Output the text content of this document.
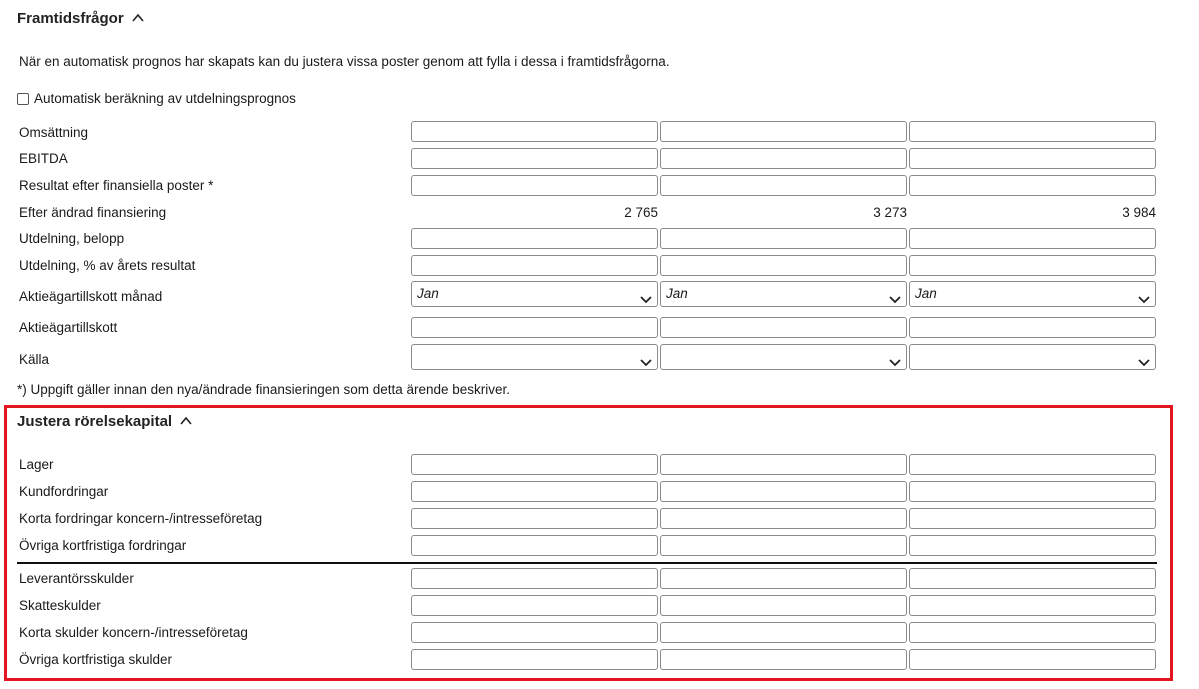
Framtidsfrågor
När en automatisk prognos har skapats kan du justera vissa poster genom att fylla i dessa i framtidsfrågorna.
Automatisk beräkning av utdelningsprognos
Omsättning
EBITDA
Resultat efter finansiella poster *
Efter ändrad finansiering	2 765	3 273	3 984
Utdelning, belopp
Utdelning, % av årets resultat
Aktieägartillskott månad	Jan	Jan	Jan
Aktieägartillskott
Källa
*) Uppgift gäller innan den nya/ändrade finansieringen som detta ärende beskriver.
Justera rörelsekapital
Lager
Kundfordringar
Korta fordringar koncern-/intresseföretag
Övriga kortfristiga fordringar
Leverantörsskulder
Skatteskulder
Korta skulder koncern-/intresseföretag
Övriga kortfristiga skulder
